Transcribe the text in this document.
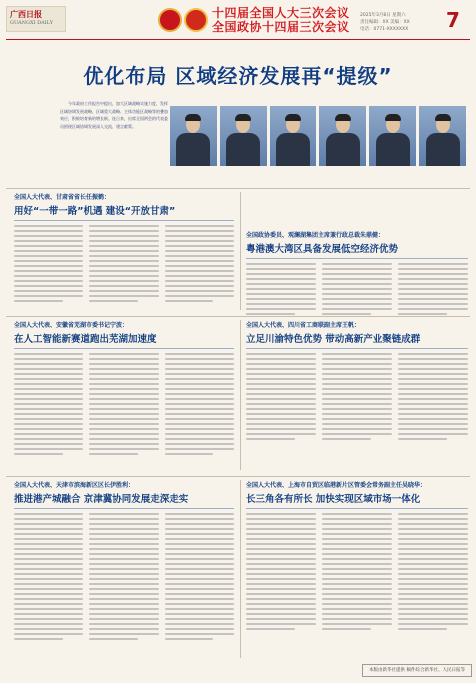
广西日报
GUANGXI DAILY
十四届全国人大三次会议
全国政协十四届三次会议
2025年3月8日 星期六
责任编辑：XX 美编：XX
电话：0771-XXXXXXX	7
优化布局 区域经济发展再“提级”
今年政府工作报告中提出，加大区域战略实施力度，发挥区域协调发展战略、区域重大战略、主体功能区战略等的叠加效应，积极培育新的增长极。连日来，出席全国两会的代表委员围绕区域协调发展深入交流、建言献策。
全国人大代表、甘肃省省长任振鹤：
用好“一带一路”机遇 建设“开放甘肃”
全国政协委员、观澜湖集团主席兼行政总裁朱鼎健：
粤港澳大湾区具备发展低空经济优势
全国人大代表、安徽省芜湖市委书记宁波：
在人工智能新赛道跑出芜湖加速度
全国人大代表、四川省工商联副主席王帆：
立足川渝特色优势 带动高新产业聚链成群
全国人大代表、天津市滨海新区区长伊胜利：
推进港产城融合 京津冀协同发展走深走实
全国人大代表、上海市自贸区临港新片区管委会常务副主任吴晓华：
长三角各有所长 加快实现区域市场一体化
本版由新华社提供 稿件综合新华社、人民日报等
